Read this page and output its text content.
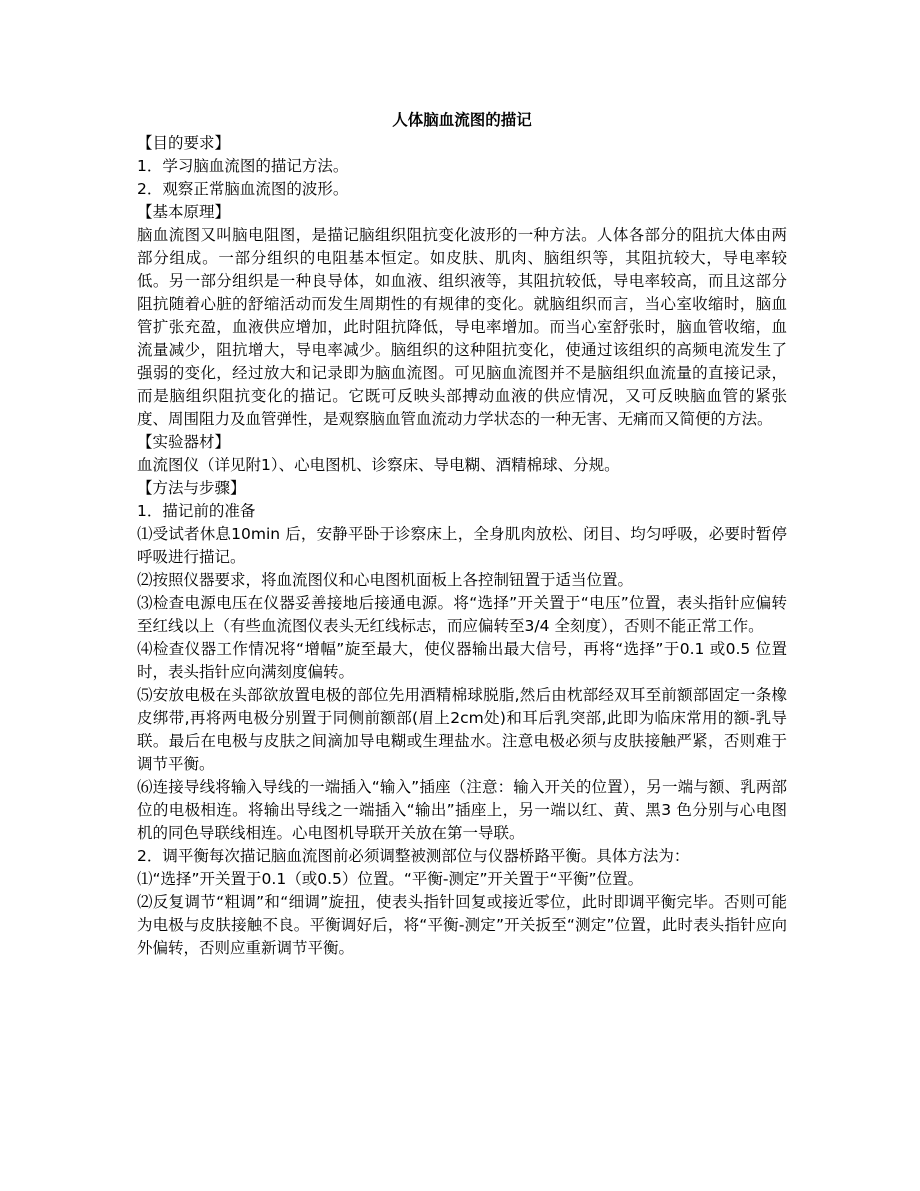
人体脑血流图的描记

【目的要求】

1．学习脑血流图的描记方法。

2．观察正常脑血流图的波形。

【基本原理】

脑血流图又叫脑电阻图，是描记脑组织阻抗变化波形的一种方法。人体各部分的阻抗大体由两部分组成。一部分组织的电阻基本恒定。如皮肤、肌肉、脑组织等，其阻抗较大，导电率较低。另一部分组织是一种良导体，如血液、组织液等，其阻抗较低，导电率较高，而且这部分阻抗随着心脏的舒缩活动而发生周期性的有规律的变化。就脑组织而言，当心室收缩时，脑血管扩张充盈，血液供应增加，此时阻抗降低，导电率增加。而当心室舒张时，脑血管收缩，血流量减少，阻抗增大，导电率减少。脑组织的这种阻抗变化，使通过该组织的高频电流发生了强弱的变化，经过放大和记录即为脑血流图。可见脑血流图并不是脑组织血流量的直接记录，而是脑组织阻抗变化的描记。它既可反映头部搏动血液的供应情况，又可反映脑血管的紧张度、周围阻力及血管弹性，是观察脑血管血流动力学状态的一种无害、无痛而又简便的方法。

【实验器材】

血流图仪（详见附1）、心电图机、诊察床、导电糊、酒精棉球、分规。

【方法与步骤】

1．描记前的准备

⑴受试者休息10min 后，安静平卧于诊察床上，全身肌肉放松、闭目、均匀呼吸，必要时暂停呼吸进行描记。

⑵按照仪器要求，将血流图仪和心电图机面板上各控制钮置于适当位置。

⑶检查电源电压在仪器妥善接地后接通电源。将“选择”开关置于“电压”位置，表头指针应偏转至红线以上（有些血流图仪表头无红线标志，而应偏转至3/4 全刻度），否则不能正常工作。

⑷检查仪器工作情况将“增幅”旋至最大，使仪器输出最大信号，再将“选择”于0.1 或0.5 位置时，表头指针应向满刻度偏转。

⑸安放电极在头部欲放置电极的部位先用酒精棉球脱脂,然后由枕部经双耳至前额部固定一条橡皮绑带,再将两电极分别置于同侧前额部(眉上2cm处)和耳后乳突部,此即为临床常用的额-乳导联。最后在电极与皮肤之间滴加导电糊或生理盐水。注意电极必须与皮肤接触严紧，否则难于调节平衡。

⑹连接导线将输入导线的一端插入“输入”插座（注意：输入开关的位置），另一端与额、乳两部位的电极相连。将输出导线之一端插入“输出”插座上，另一端以红、黄、黑3 色分别与心电图机的同色导联线相连。心电图机导联开关放在第一导联。

2．调平衡每次描记脑血流图前必须调整被测部位与仪器桥路平衡。具体方法为：

⑴“选择”开关置于0.1（或0.5）位置。“平衡-测定”开关置于“平衡”位置。

⑵反复调节“粗调”和“细调”旋扭，使表头指针回复或接近零位，此时即调平衡完毕。否则可能为电极与皮肤接触不良。平衡调好后，将“平衡-测定”开关扳至“测定”位置，此时表头指针应向外偏转，否则应重新调节平衡。
